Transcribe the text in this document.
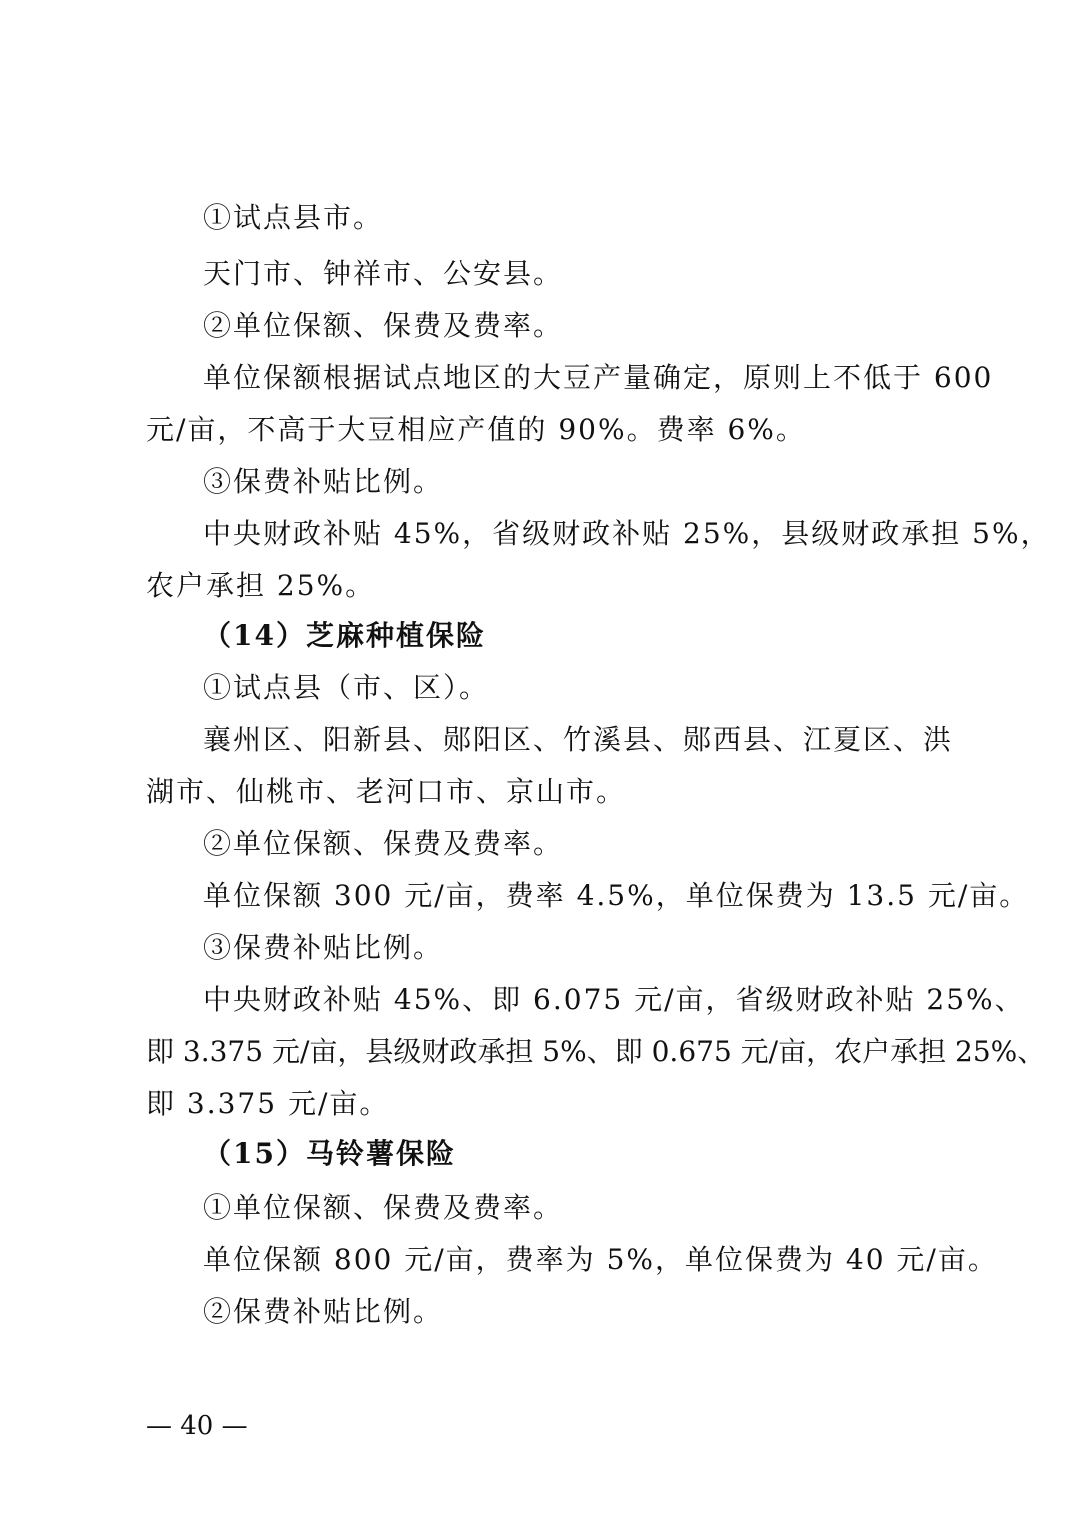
①试点县市。
天门市、钟祥市、公安县。
②单位保额、保费及费率。
单位保额根据试点地区的大豆产量确定，原则上不低于 600
元/亩，不高于大豆相应产值的 90%。费率 6%。
③保费补贴比例。
中央财政补贴 45%，省级财政补贴 25%，县级财政承担 5%，
农户承担 25%。
（14）芝麻种植保险
①试点县（市、区）。
襄州区、阳新县、郧阳区、竹溪县、郧西县、江夏区、洪
湖市、仙桃市、老河口市、京山市。
②单位保额、保费及费率。
单位保额 300 元/亩，费率 4.5%，单位保费为 13.5 元/亩。
③保费补贴比例。
中央财政补贴 45%、即 6.075 元/亩，省级财政补贴 25%、
即 3.375 元/亩，县级财政承担 5%、即 0.675 元/亩，农户承担 25%、
即 3.375 元/亩。
（15）马铃薯保险
①单位保额、保费及费率。
单位保额 800 元/亩，费率为 5%，单位保费为 40 元/亩。
②保费补贴比例。
— 40 —
